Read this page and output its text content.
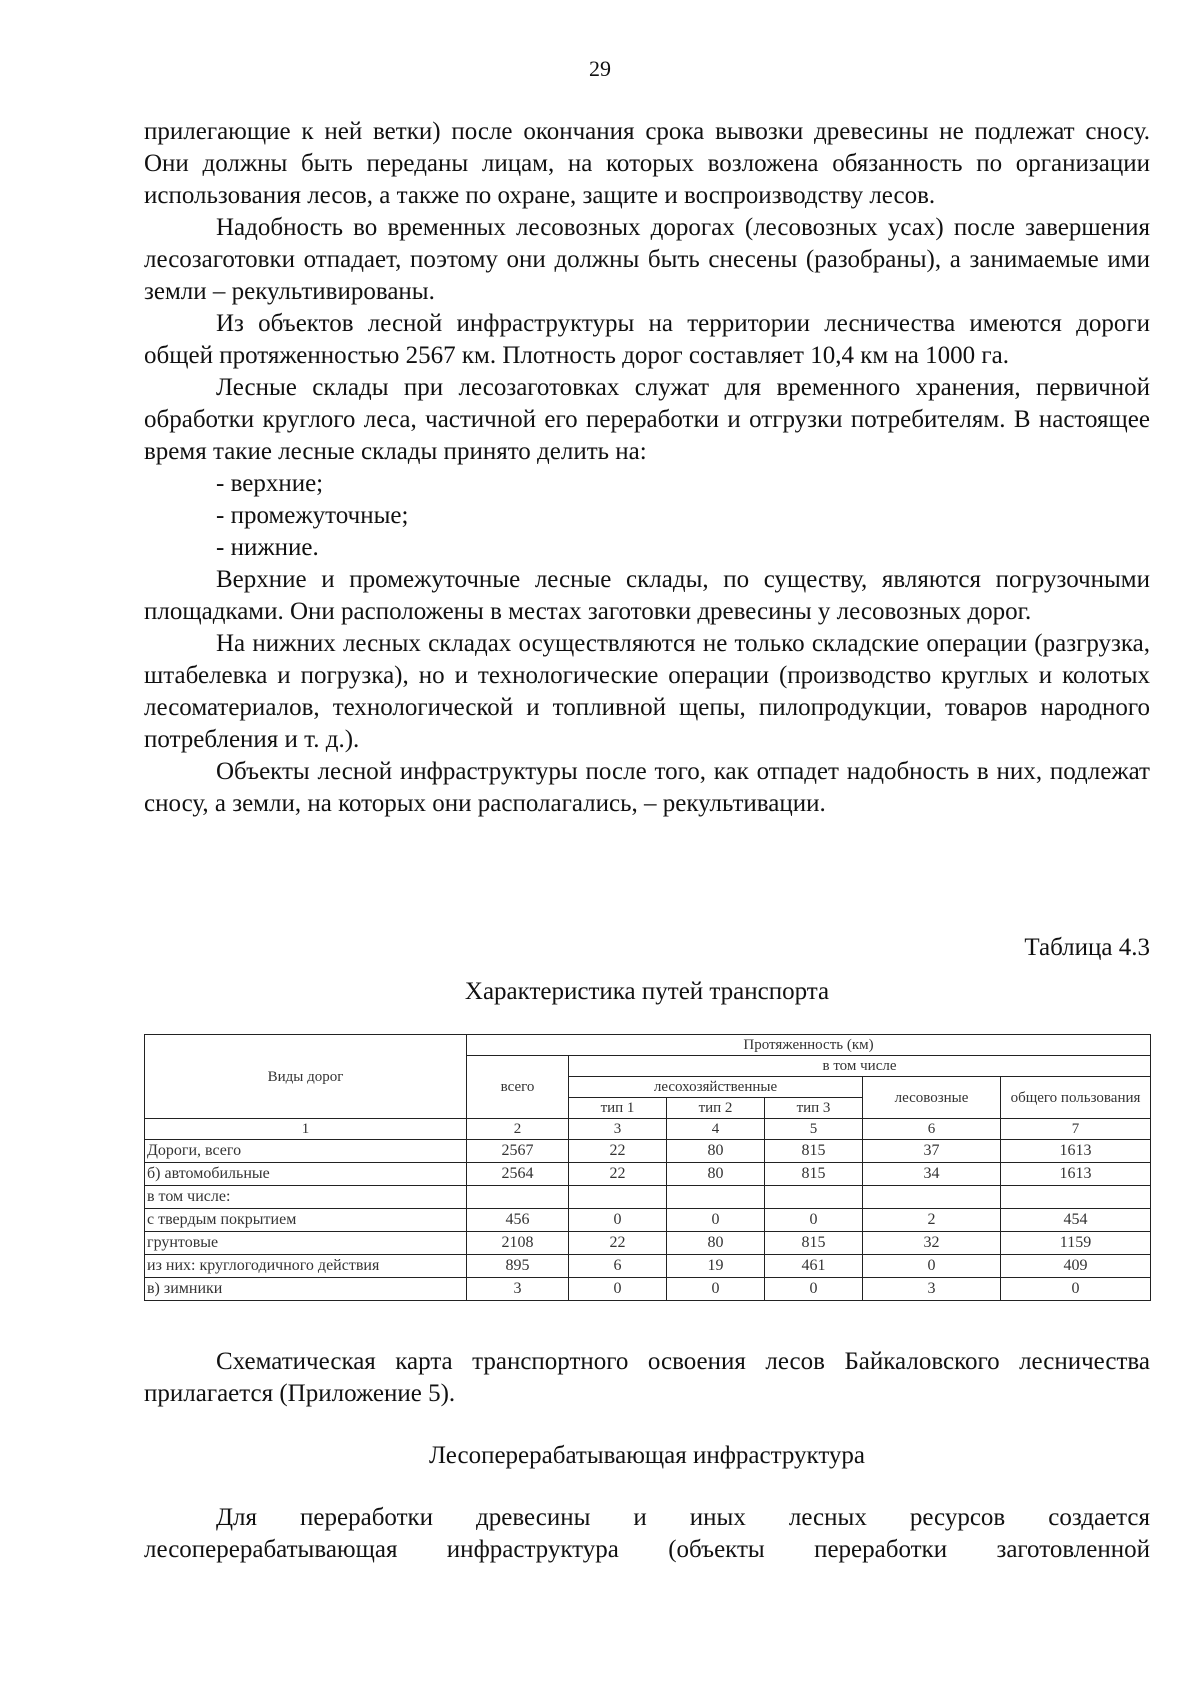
29

прилегающие к ней ветки) после окончания срока вывозки древесины не подлежат сносу. Они должны быть переданы лицам, на которых возложена обязанность по организации использования лесов, а также по охране, защите и воспроизводству лесов.

Надобность во временных лесовозных дорогах (лесовозных усах) после завершения лесозаготовки отпадает, поэтому они должны быть снесены (разобраны), а занимаемые ими земли – рекультивированы.

Из объектов лесной инфраструктуры на территории лесничества имеются дороги общей протяженностью 2567 км. Плотность дорог составляет 10,4 км на 1000 га.

Лесные склады при лесозаготовках служат для временного хранения, первичной обработки круглого леса, частичной его переработки и отгрузки потребителям. В настоящее время такие лесные склады принято делить на:

- верхние;

- промежуточные;

- нижние.

Верхние и промежуточные лесные склады, по существу, являются погрузочными площадками. Они расположены в местах заготовки древесины у лесовозных дорог.

На нижних лесных складах осуществляются не только складские операции (разгрузка, штабелевка и погрузка), но и технологические операции (производство круглых и колотых лесоматериалов, технологической и топливной щепы, пилопродукции, товаров народного потребления и т. д.).

Объекты лесной инфраструктуры после того, как отпадет надобность в них, подлежат сносу, а земли, на которых они располагались, – рекультивации.

Таблица 4.3
Характеристика путей транспорта
Виды дорог	Протяженность (км)					
	всего	в том числе				
		лесохозяйственные			лесовозные	общего пользования
		тип 1	тип 2	тип 3		
1	2	3	4	5	6	7
Дороги, всего	2567	22	80	815	37	1613
б) автомобильные	2564	22	80	815	34	1613
в том числе:						
с твердым покрытием	456	0	0	0	2	454
грунтовые	2108	22	80	815	32	1159
из них: круглогодичного действия	895	6	19	461	0	409
в) зимники	3	0	0	0	3	0

Схематическая карта транспортного освоения лесов Байкаловского лесничества прилагается (Приложение 5).

Лесоперерабатывающая инфраструктура

Для переработки древесины и иных лесных ресурсов создается лесоперерабатывающая инфраструктура (объекты переработки заготовленной
